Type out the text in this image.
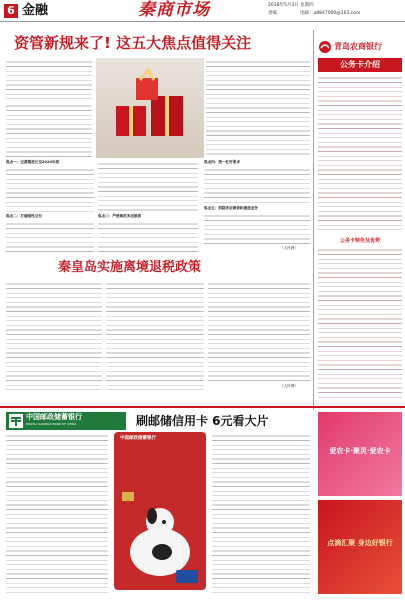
6 金融	秦商市场	2018年5月3日 星期四
责编：	电邮：a8847000@163.com
资管新规来了! 这五大焦点值得关注
焦点一：过渡期延长至2020年底
焦点二：打破刚性兑付	焦点三：严格规范多层嵌套
焦点四：统一杠杆要求
焦点五：消除多层嵌套和通道业务
（人民网）
青岛农商银行
公务卡介绍
公务卡特色及优势
秦皇岛实施离境退税政策
（人民网）
中国邮政储蓄银行
POSTAL SAVINGS BANK OF CHINA	刷邮储信用卡 6元看大片
中国邮政储蓄银行
爱农卡·聚灵·爱农卡
点滴汇聚 身边好银行
